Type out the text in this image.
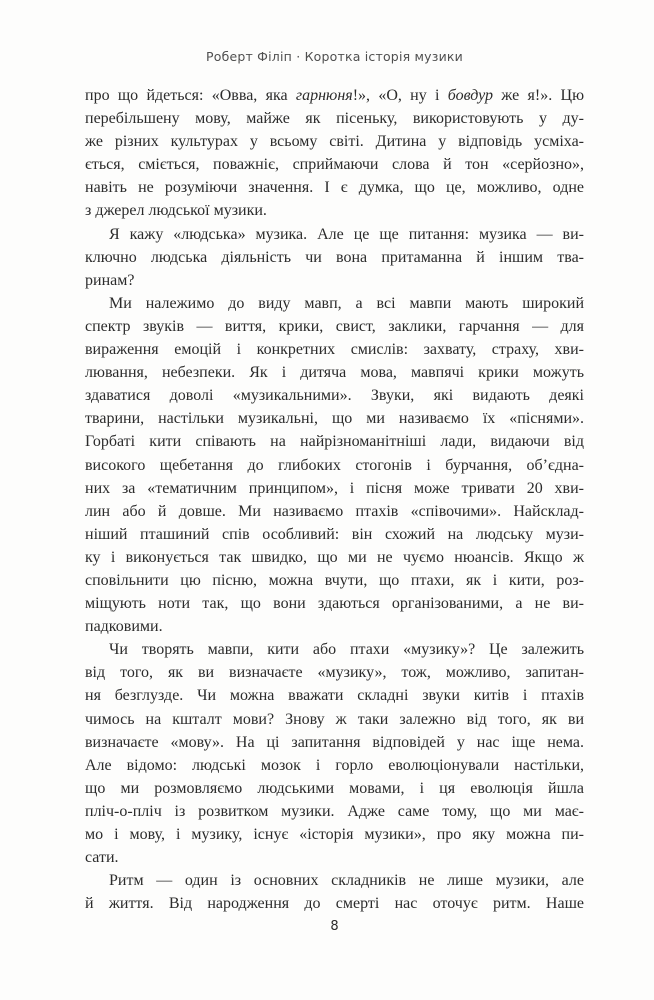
Роберт Філіп · Коротка історія музики
про що йдеться: «Овва, яка гарнюня!», «О, ну і бовдур же я!». Цю
перебільшену мову, майже як пісеньку, використовують у ду-
же різних культурах у всьому світі. Дитина у відповідь усміха-
ється, сміється, поважніє, сприймаючи слова й тон «серйозно»,
навіть не розуміючи значення. І є думка, що це, можливо, одне
з джерел людської музики.
Я кажу «людська» музика. Але це ще питання: музика — ви-
ключно людська діяльність чи вона притаманна й іншим тва-
ринам?
Ми належимо до виду мавп, а всі мавпи мають широкий
спектр звуків — виття, крики, свист, заклики, гарчання — для
вираження емоцій і конкретних смислів: захвату, страху, хви-
лювання, небезпеки. Як і дитяча мова, мавпячі крики можуть
здаватися доволі «музикальними». Звуки, які видають деякі
тварини, настільки музикальні, що ми називаємо їх «піснями».
Горбаті кити співають на найрізноманітніші лади, видаючи від
високого щебетання до глибоких стогонів і бурчання, об’єдна-
них за «тематичним принципом», і пісня може тривати 20 хви-
лин або й довше. Ми називаємо птахів «співочими». Найсклад-
ніший пташиний спів особливий: він схожий на людську музи-
ку і виконується так швидко, що ми не чуємо нюансів. Якщо ж
сповільнити цю пісню, можна вчути, що птахи, як і кити, роз-
міщують ноти так, що вони здаються організованими, а не ви-
падковими.
Чи творять мавпи, кити або птахи «музику»? Це залежить
від того, як ви визначаєте «музику», тож, можливо, запитан-
ня безглузде. Чи можна вважати складні звуки китів і птахів
чимось на кшталт мови? Знову ж таки залежно від того, як ви
визначаєте «мову». На ці запитання відповідей у нас іще нема.
Але відомо: людські мозок і горло еволюціонували настільки,
що ми розмовляємо людськими мовами, і ця еволюція йшла
пліч-о-пліч із розвитком музики. Адже саме тому, що ми має-
мо і мову, і музику, існує «історія музики», про яку можна пи-
сати.
Ритм — один із основних складників не лише музики, але
й життя. Від народження до смерті нас оточує ритм. Наше
8
